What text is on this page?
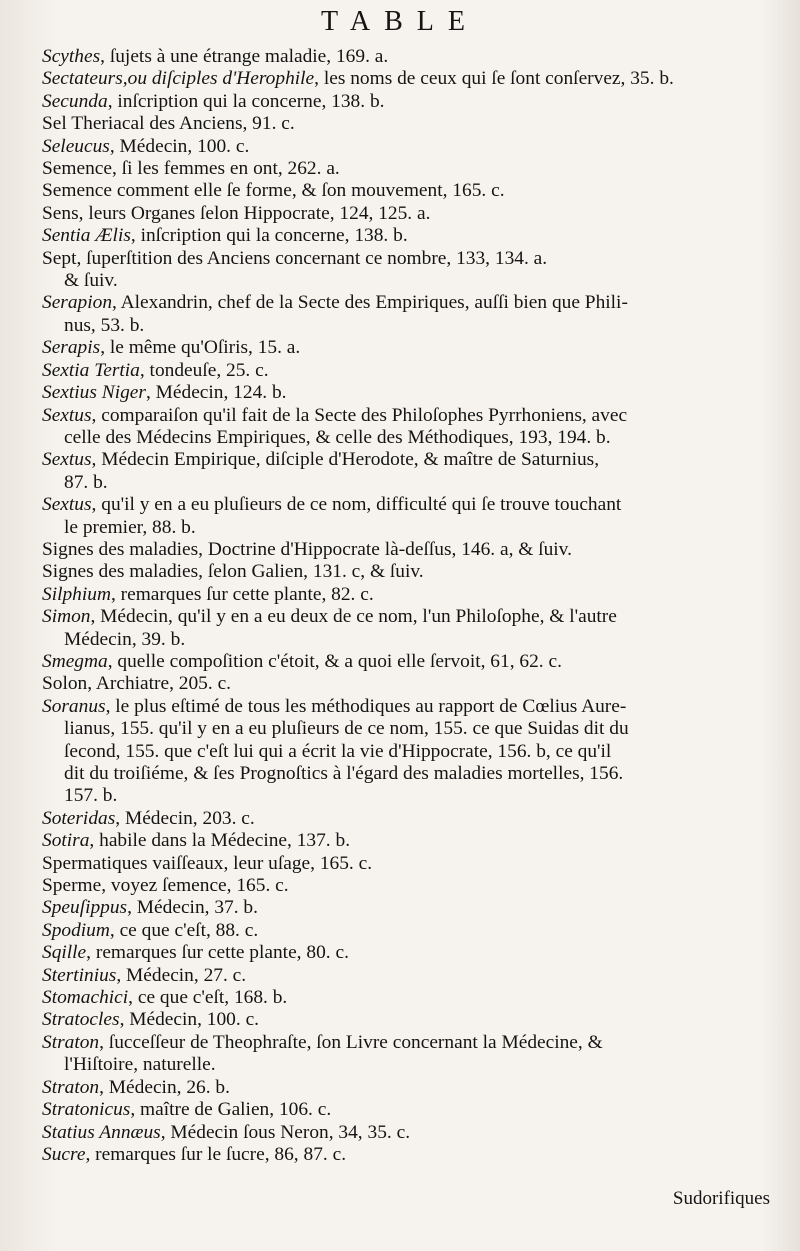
TABLE
Scythes, ſujets à une étrange maladie, 169. a.
Sectateurs,ou diſciples d'Herophile, les noms de ceux qui ſe ſont conſervez, 35. b.
Secunda, inſcription qui la concerne, 138. b.
Sel Theriacal des Anciens, 91. c.
Seleucus, Médecin, 100. c.
Semence, ſi les femmes en ont, 262. a.
Semence comment elle ſe forme, & ſon mouvement, 165. c.
Sens, leurs Organes ſelon Hippocrate, 124, 125. a.
Sentia Ælis, inſcription qui la concerne, 138. b.
Sept, ſuperſtition des Anciens concernant ce nombre, 133, 134. a.
& ſuiv.
Serapion, Alexandrin, chef de la Secte des Empiriques, auſſi bien que Phili-
nus, 53. b.
Serapis, le même qu'Oſiris, 15. a.
Sextia Tertia, tondeuſe, 25. c.
Sextius Niger, Médecin, 124. b.
Sextus, comparaiſon qu'il fait de la Secte des Philoſophes Pyrrhoniens, avec
celle des Médecins Empiriques, & celle des Méthodiques, 193, 194. b.
Sextus, Médecin Empirique, diſciple d'Herodote, & maître de Saturnius,
87. b.
Sextus, qu'il y en a eu pluſieurs de ce nom, difficulté qui ſe trouve touchant
le premier, 88. b.
Signes des maladies, Doctrine d'Hippocrate là-deſſus, 146. a, & ſuiv.
Signes des maladies, ſelon Galien, 131. c, & ſuiv.
Silphium, remarques ſur cette plante, 82. c.
Simon, Médecin, qu'il y en a eu deux de ce nom, l'un Philoſophe, & l'autre
Médecin, 39. b.
Smegma, quelle compoſition c'étoit, & a quoi elle ſervoit, 61, 62. c.
Solon, Archiatre, 205. c.
Soranus, le plus eſtimé de tous les méthodiques au rapport de Cœlius Aure-
lianus, 155. qu'il y en a eu pluſieurs de ce nom, 155. ce que Suidas dit du
ſecond, 155. que c'eſt lui qui a écrit la vie d'Hippocrate, 156. b, ce qu'il
dit du troiſiéme, & ſes Prognoſtics à l'égard des maladies mortelles, 156.
157. b.
Soteridas, Médecin, 203. c.
Sotira, habile dans la Médecine, 137. b.
Spermatiques vaiſſeaux, leur uſage, 165. c.
Sperme, voyez ſemence, 165. c.
Speuſippus, Médecin, 37. b.
Spodium, ce que c'eſt, 88. c.
Sqille, remarques ſur cette plante, 80. c.
Stertinius, Médecin, 27. c.
Stomachici, ce que c'eſt, 168. b.
Stratocles, Médecin, 100. c.
Straton, ſucceſſeur de Theophraſte, ſon Livre concernant la Médecine, &
l'Hiſtoire, naturelle.
Straton, Médecin, 26. b.
Stratonicus, maître de Galien, 106. c.
Statius Annæus, Médecin ſous Neron, 34, 35. c.
Sucre, remarques ſur le ſucre, 86, 87. c.
Sudorifiques
